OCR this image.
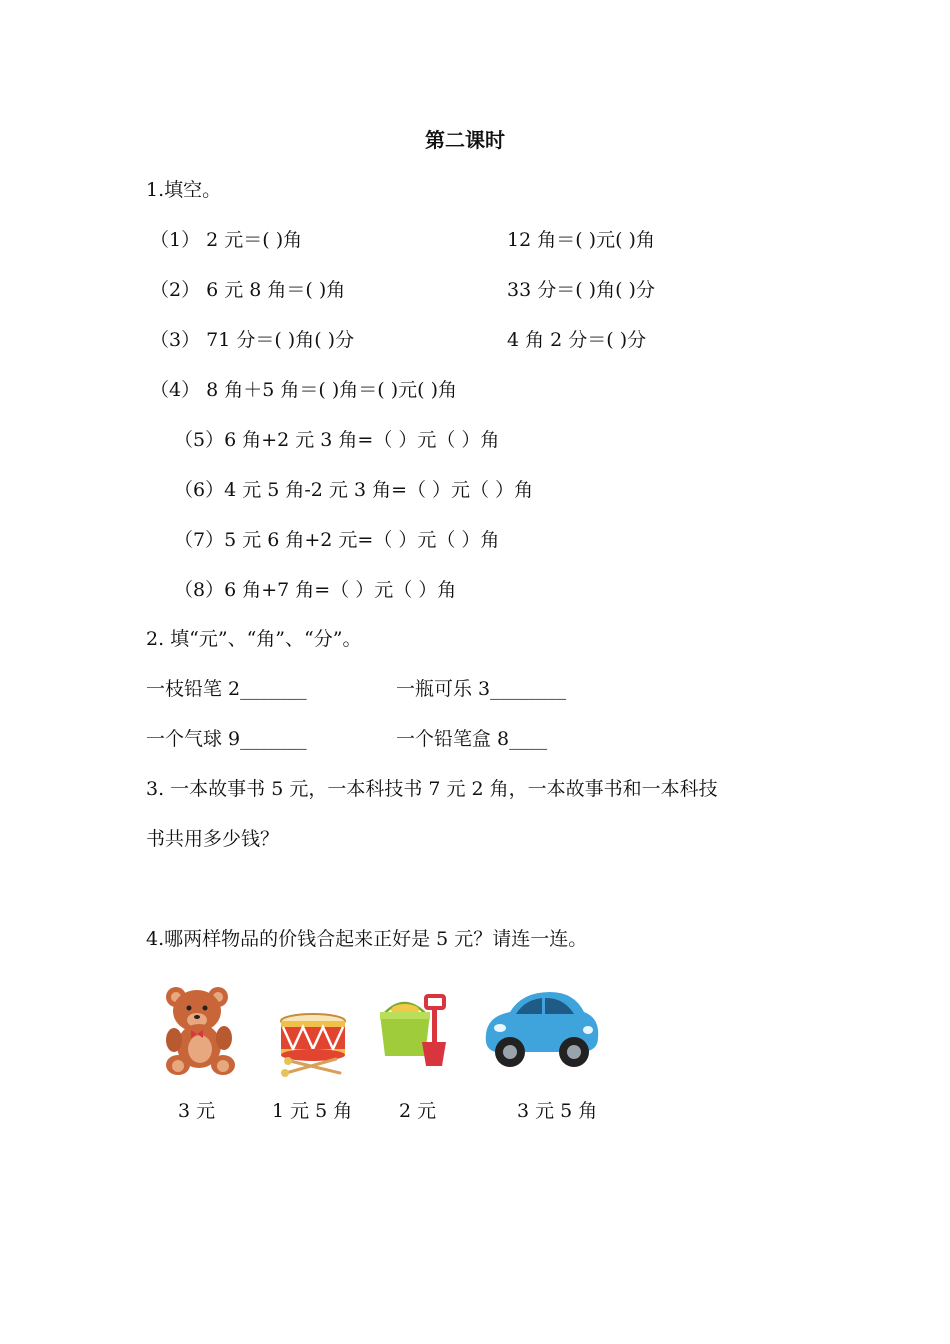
第二课时
1.填空。
（1） 2 元＝( )角	12 角＝( )元( )角
（2） 6 元 8 角＝( )角	33 分＝( )角( )分
（3） 71 分＝( )角( )分	4 角 2 分＝( )分
（4） 8 角＋5 角＝( )角＝( )元( )角
（5）6 角+2 元 3 角=（ ）元（ ）角
（6）4 元 5 角-2 元 3 角=（ ）元（ ）角
（7）5 元 6 角+2 元=（ ）元（ ）角
（8）6 角+7 角=（ ）元（ ）角
2. 填“元”、“角”、“分”。
一枝铅笔 2_______	一瓶可乐 3________
一个气球 9_______	一个铅笔盒 8____
3. 一本故事书 5 元，一本科技书 7 元 2 角，一本故事书和一本科技
书共用多少钱？
4.哪两样物品的价钱合起来正好是 5 元？请连一连。
3 元	1 元 5 角 2 元	3 元 5 角
